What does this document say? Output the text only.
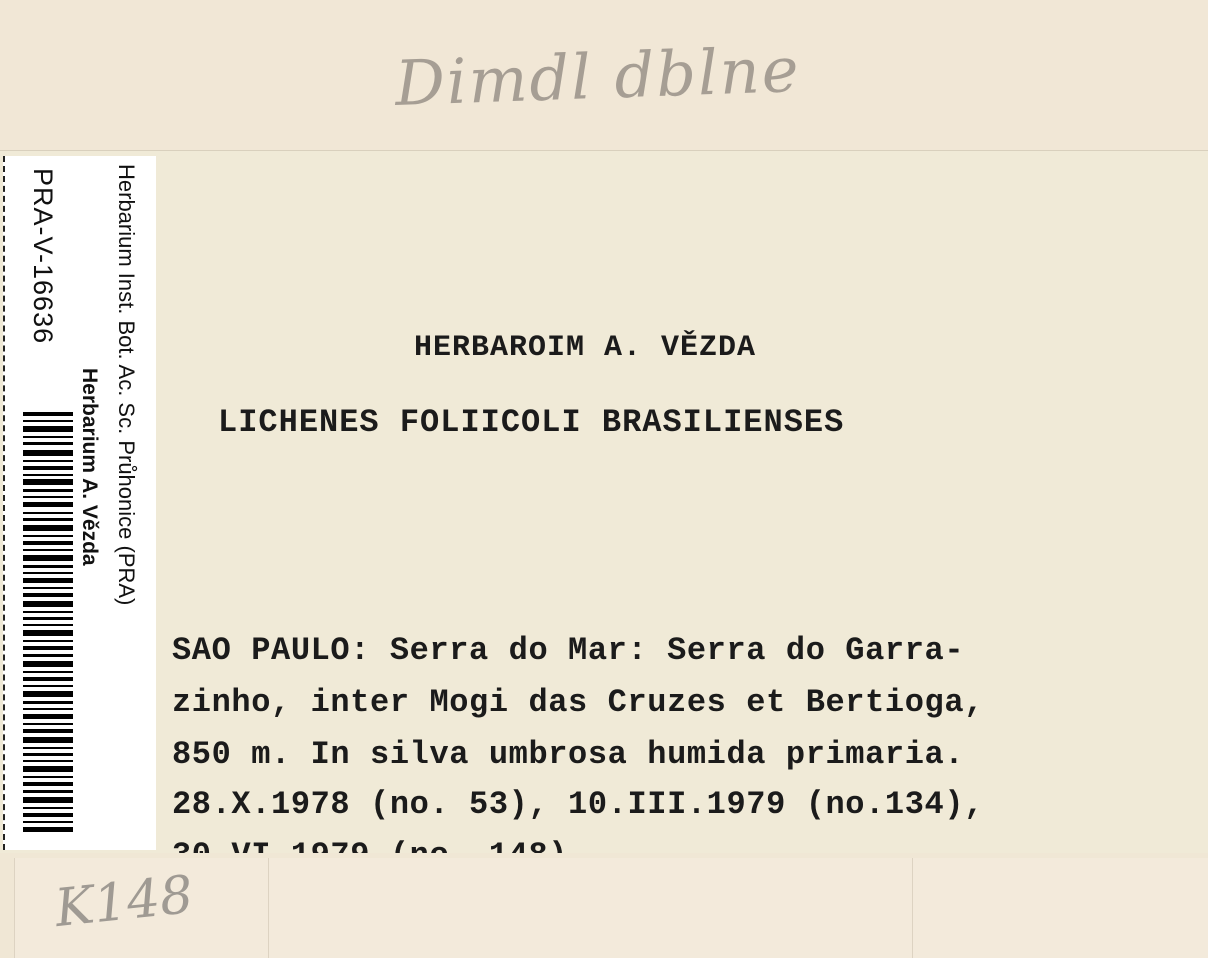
Dimdl dblne
HERBAROIM A. VĚZDA
LICHENES FOLIICOLI BRASILIENSES
SAO PAULO: Serra do Mar: Serra do Garra-
zinho, inter Mogi das Cruzes et Bertioga,
850 m. In silva umbrosa humida primaria.
28.X.1978 (no. 53), 10.III.1979 (no.134),
PRA-V-16636	Herbarium Inst. Bot. Ac. Sc. Průhonice (PRA)
Herbarium A. Vězda
K148
